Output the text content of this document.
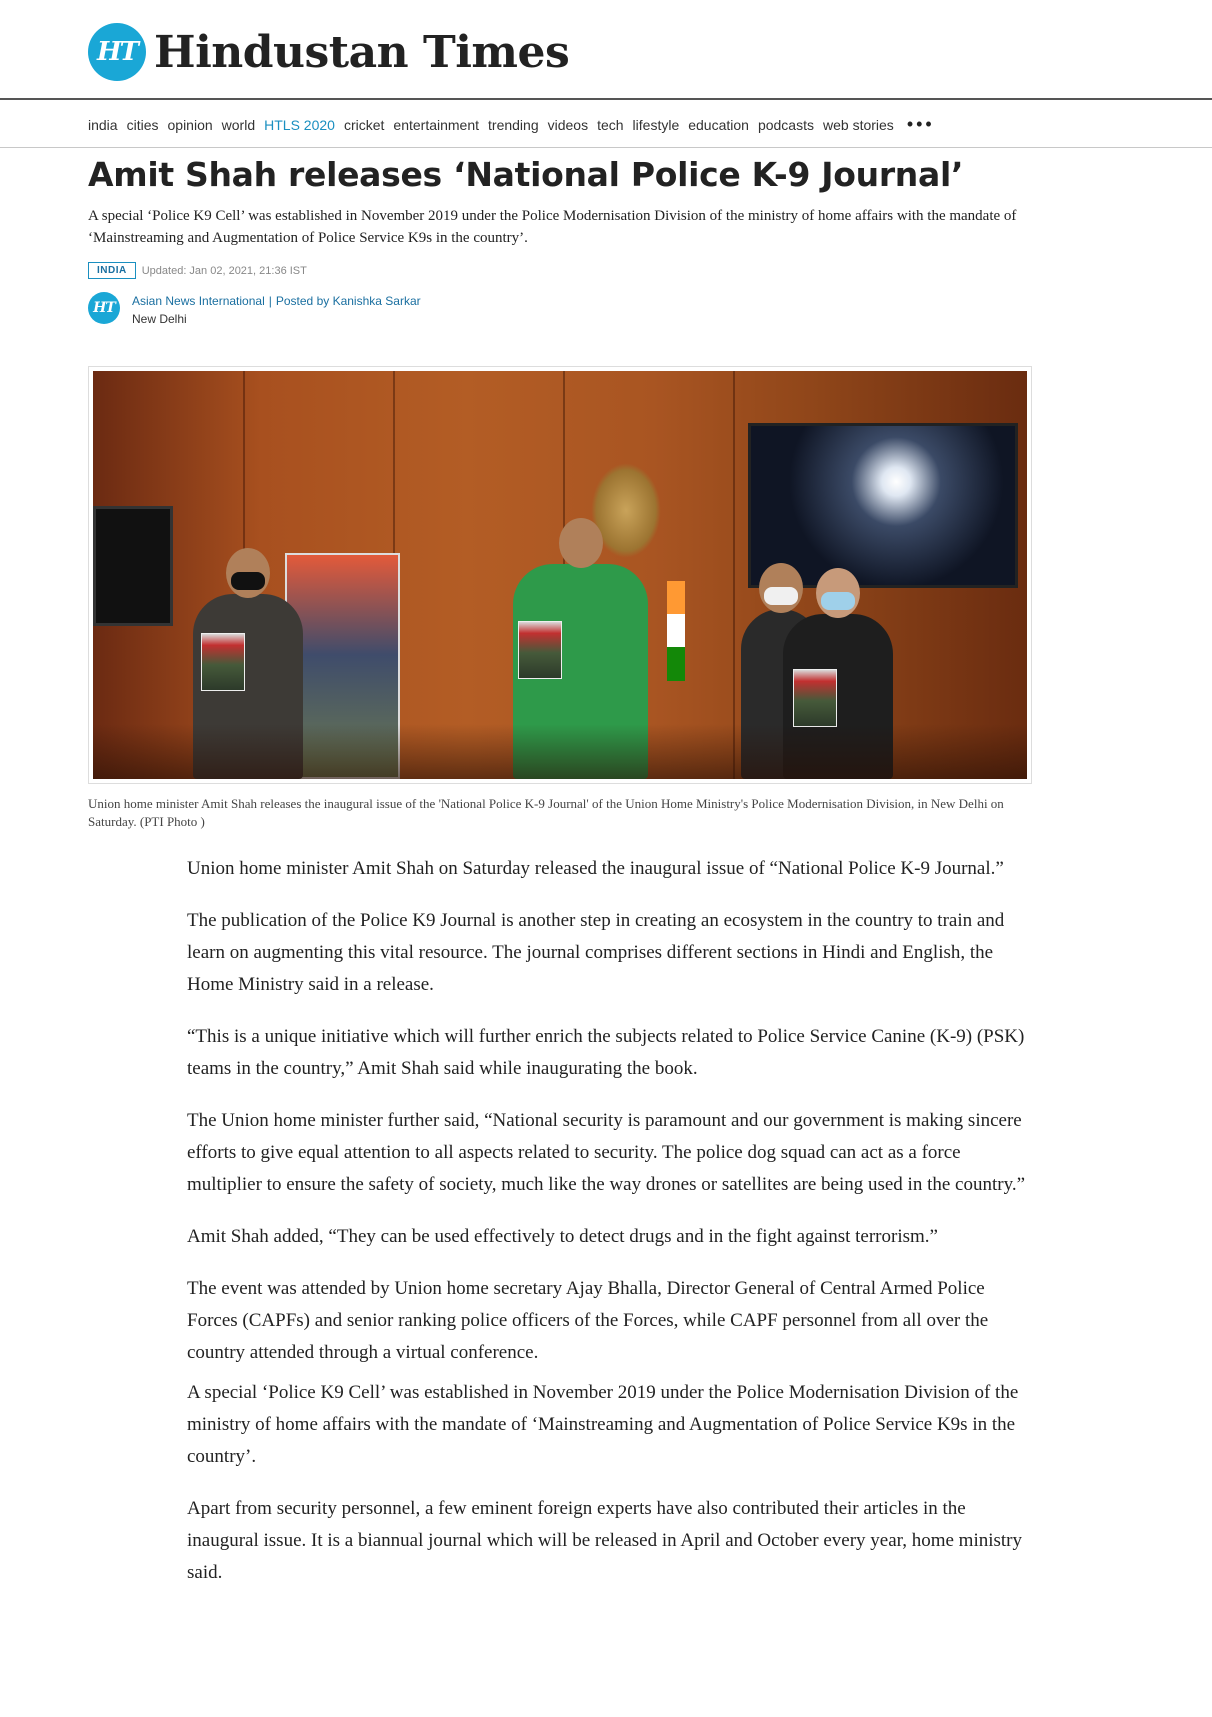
HT Hindustan Times
india cities opinion world HTLS 2020 cricket entertainment trending videos tech lifestyle education podcasts web stories •••
Amit Shah releases ‘National Police K-9 Journal’

A special ‘Police K9 Cell’ was established in November 2019 under the Police Modernisation Division of the ministry of home affairs with the mandate of ‘Mainstreaming and Augmentation of Police Service K9s in the country’.

INDIA	Updated: Jan 02, 2021, 21:36 IST
HT	Asian News International | Posted by Kanishka Sarkar
New Delhi
Union home minister Amit Shah releases the inaugural issue of the 'National Police K-9 Journal' of the Union Home Ministry's Police Modernisation Division, in New Delhi on Saturday. (PTI Photo )

Union home minister Amit Shah on Saturday released the inaugural issue of “National Police K-9 Journal.”

The publication of the Police K9 Journal is another step in creating an ecosystem in the country to train and learn on augmenting this vital resource. The journal comprises different sections in Hindi and English, the Home Ministry said in a release.

“This is a unique initiative which will further enrich the subjects related to Police Service Canine (K-9) (PSK) teams in the country,” Amit Shah said while inaugurating the book.

The Union home minister further said, “National security is paramount and our government is making sincere efforts to give equal attention to all aspects related to security. The police dog squad can act as a force multiplier to ensure the safety of society, much like the way drones or satellites are being used in the country.”

Amit Shah added, “They can be used effectively to detect drugs and in the fight against terrorism.”

The event was attended by Union home secretary Ajay Bhalla, Director General of Central Armed Police Forces (CAPFs) and senior ranking police officers of the Forces, while CAPF personnel from all over the country attended through a virtual conference.

A special ‘Police K9 Cell’ was established in November 2019 under the Police Modernisation Division of the ministry of home affairs with the mandate of ‘Mainstreaming and Augmentation of Police Service K9s in the country’.

Apart from security personnel, a few eminent foreign experts have also contributed their articles in the inaugural issue. It is a biannual journal which will be released in April and October every year, home ministry said.
